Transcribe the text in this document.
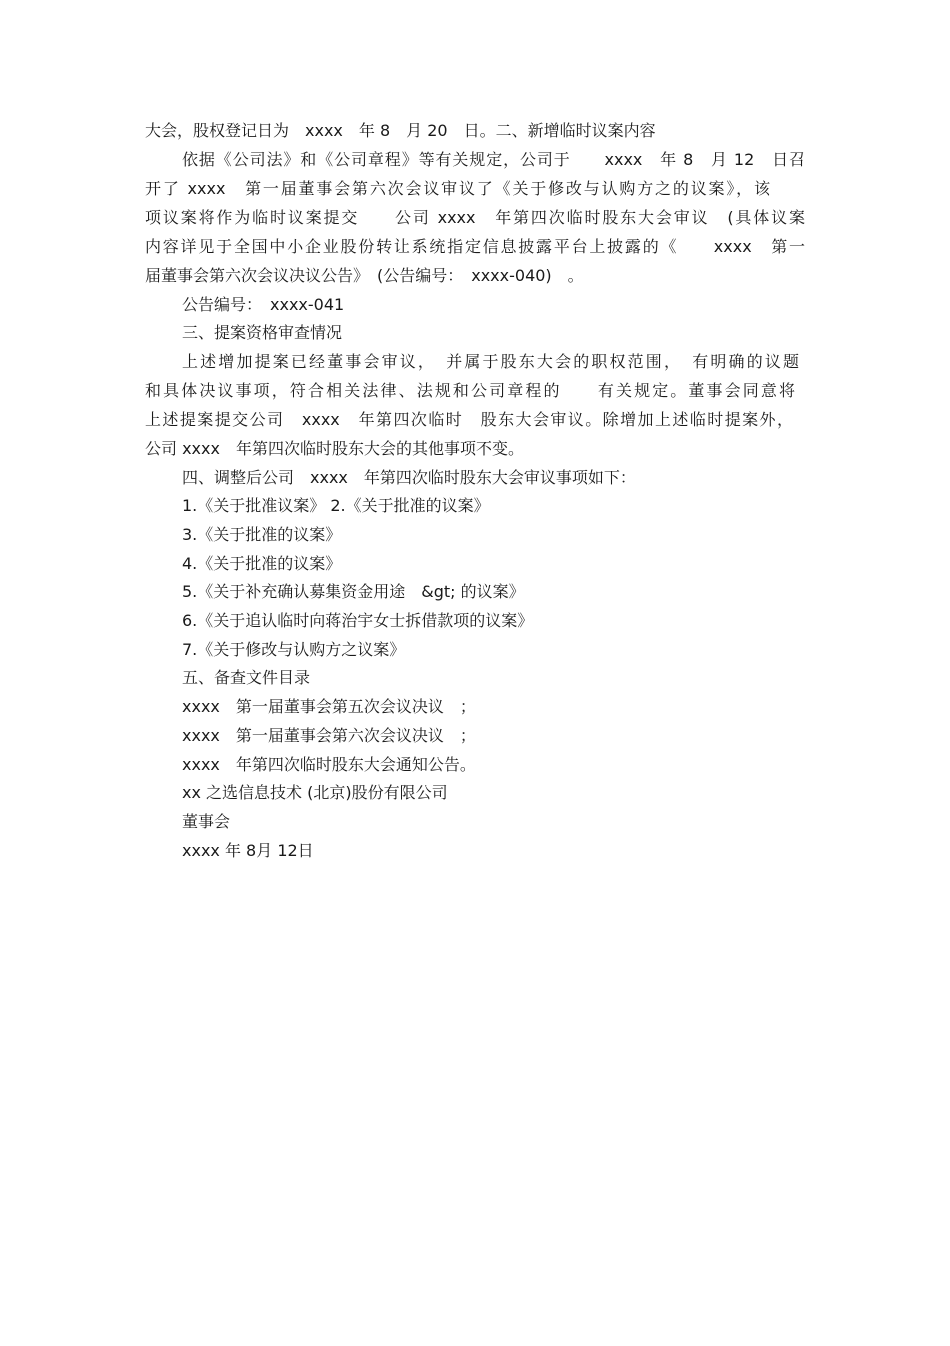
大会，股权登记日为　xxxx　年 8　月 20　日。二、新增临时议案内容
依据《公司法》和《公司章程》等有关规定，公司于　　xxxx　年 8　月 12　日召
开了 xxxx　第一届董事会第六次会议审议了《关于修改与认购方之的议案》，该
项议案将作为临时议案提交　　公司 xxxx　年第四次临时股东大会审议　(具体议案
内容详见于全国中小企业股份转让系统指定信息披露平台上披露的《　　xxxx　第一
届董事会第六次会议决议公告》　(公告编号：　xxxx-040)　。
公告编号：　xxxx-041
三、提案资格审查情况
上述增加提案已经董事会审议，　并属于股东大会的职权范围，　有明确的议题
和具体决议事项，符合相关法律、法规和公司章程的　　有关规定。董事会同意将
上述提案提交公司　xxxx　年第四次临时　股东大会审议。除增加上述临时提案外，
公司 xxxx　年第四次临时股东大会的其他事项不变。
四、调整后公司　xxxx　年第四次临时股东大会审议事项如下：
1.《关于批准议案》 2.《关于批准的议案》
3.《关于批准的议案》
4.《关于批准的议案》
5.《关于补充确认募集资金用途　&gt; 的议案》
6.《关于追认临时向蒋治宇女士拆借款项的议案》
7.《关于修改与认购方之议案》
五、备查文件目录
xxxx　第一届董事会第五次会议决议　；
xxxx　第一届董事会第六次会议决议　；
xxxx　年第四次临时股东大会通知公告。
xx 之选信息技术 (北京)股份有限公司
董事会
xxxx 年 8月 12日
